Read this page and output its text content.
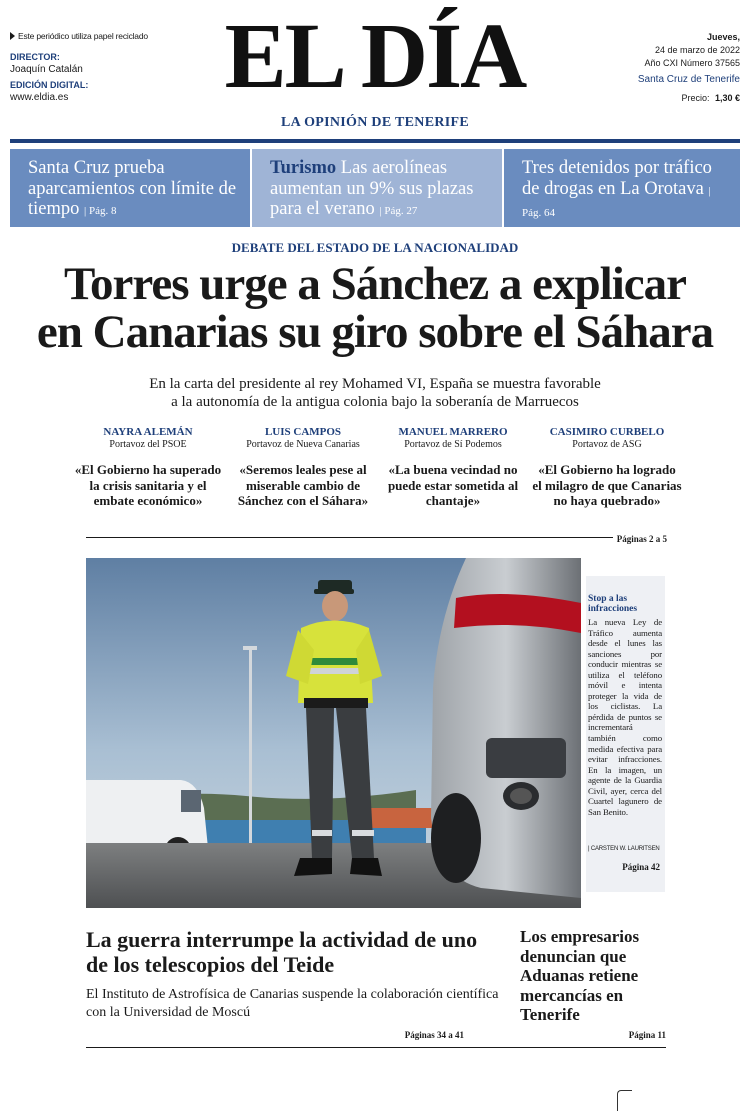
Este periódico utiliza papel reciclado
DIRECTOR:
Joaquín Catalán
EDICIÓN DIGITAL:
www.eldia.es	EL DÍA
LA OPINIÓN DE TENERIFE
Jueves,
24 de marzo de 2022
Año CXI Número 37565
Santa Cruz de Tenerife
Precio: 1,30 €
Santa Cruz prueba aparcamientos con límite de tiempo | Pág. 8
Turismo Las aerolíneas aumentan un 9% sus plazas para el verano | Pág. 27
Tres detenidos por tráfico de drogas en La Orotava | Pág. 64
DEBATE DEL ESTADO DE LA NACIONALIDAD
Torres urge a Sánchez a explicar
en Canarias su giro sobre el Sáhara
En la carta del presidente al rey Mohamed VI, España se muestra favorable
a la autonomía de la antigua colonia bajo la soberanía de Marruecos
NAYRA ALEMÁN
Portavoz del PSOE
«El Gobierno ha superado la crisis sanitaria y el embate económico»
LUIS CAMPOS
Portavoz de Nueva Canarias
«Seremos leales pese al miserable cambio de Sánchez con el Sáhara»
MANUEL MARRERO
Portavoz de Sí Podemos
«La buena vecindad no puede estar sometida al chantaje»
CASIMIRO CURBELO
Portavoz de ASG
«El Gobierno ha logrado el milagro de que Canarias no haya quebrado»
Páginas 2 a 5
Stop a las infracciones
La nueva Ley de Tráfico aumenta desde el lunes las sanciones por conducir mientras se utiliza el teléfono móvil e intenta proteger la vida de los ciclistas. La pérdida de puntos se incrementará también como medida efectiva para evitar infracciones. En la imagen, un agente de la Guardia Civil, ayer, cerca del Cuartel lagunero de San Benito.
| CARSTEN W. LAURITSEN
Página 42
La guerra interrumpe la actividad de uno de los telescopios del Teide
El Instituto de Astrofísica de Canarias suspende la colaboración científica con la Universidad de Moscú
Páginas 34 a 41
Los empresarios denuncian que Aduanas retiene mercancías en Tenerife
Página 11
